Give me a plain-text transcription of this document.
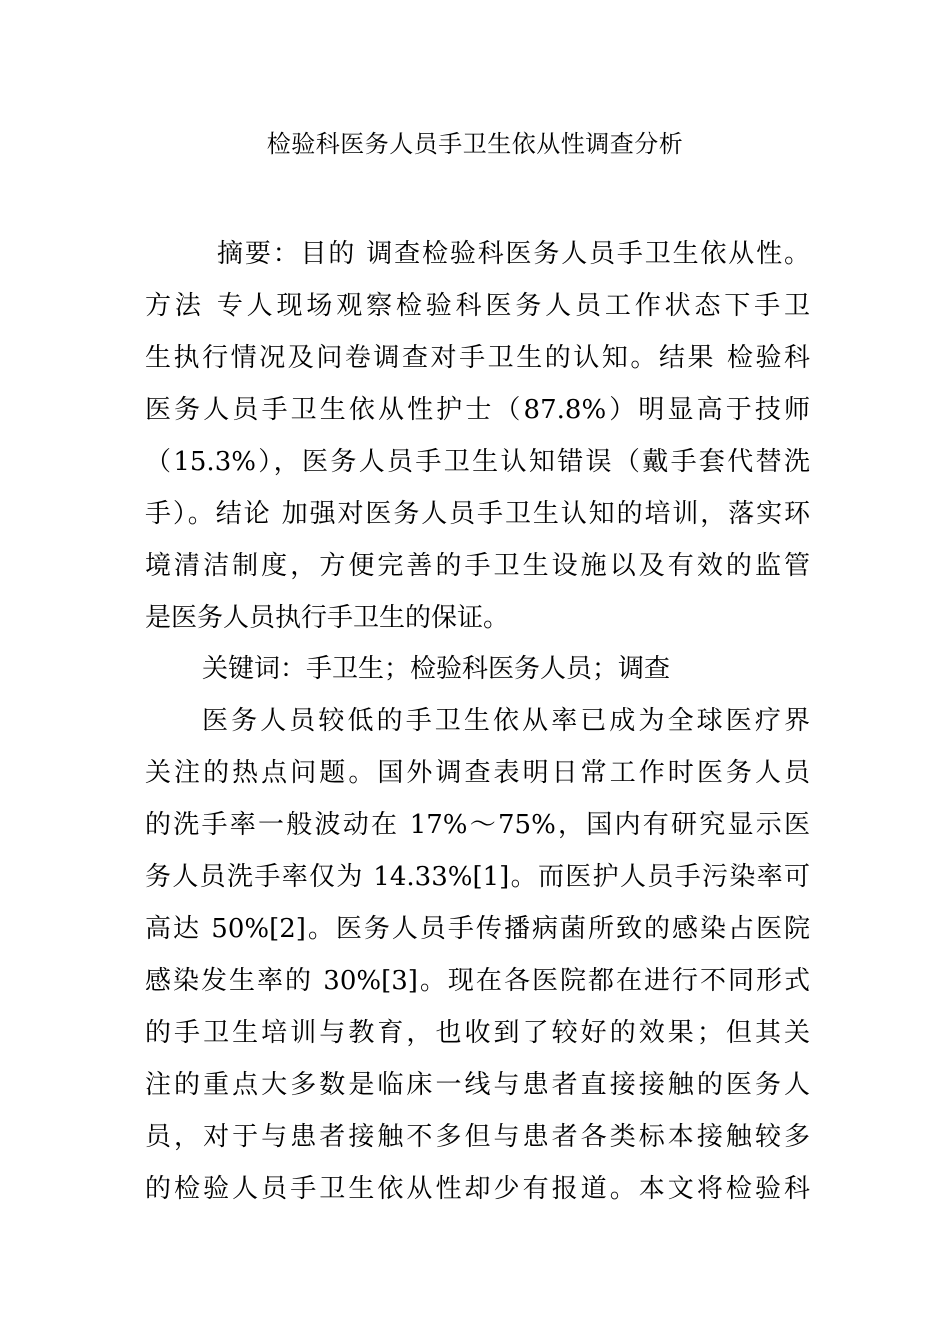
检验科医务人员手卫生依从性调查分析
摘要：目的 调查检验科医务人员手卫生依从性。
方法 专人现场观察检验科医务人员工作状态下手卫
生执行情况及问卷调查对手卫生的认知。结果 检验科
医务人员手卫生依从性护士（87.8%）明显高于技师
（15.3%），医务人员手卫生认知错误（戴手套代替洗
手）。结论 加强对医务人员手卫生认知的培训，落实环
境清洁制度，方便完善的手卫生设施以及有效的监管
是医务人员执行手卫生的保证。
关键词：手卫生；检验科医务人员；调查
医务人员较低的手卫生依从率已成为全球医疗界
关注的热点问题。国外调查表明日常工作时医务人员
的洗手率一般波动在 17%～75%，国内有研究显示医
务人员洗手率仅为 14.33%[1]。而医护人员手污染率可
高达 50%[2]。医务人员手传播病菌所致的感染占医院
感染发生率的 30%[3]。现在各医院都在进行不同形式
的手卫生培训与教育，也收到了较好的效果；但其关
注的重点大多数是临床一线与患者直接接触的医务人
员，对于与患者接触不多但与患者各类标本接触较多
的检验人员手卫生依从性却少有报道。本文将检验科
